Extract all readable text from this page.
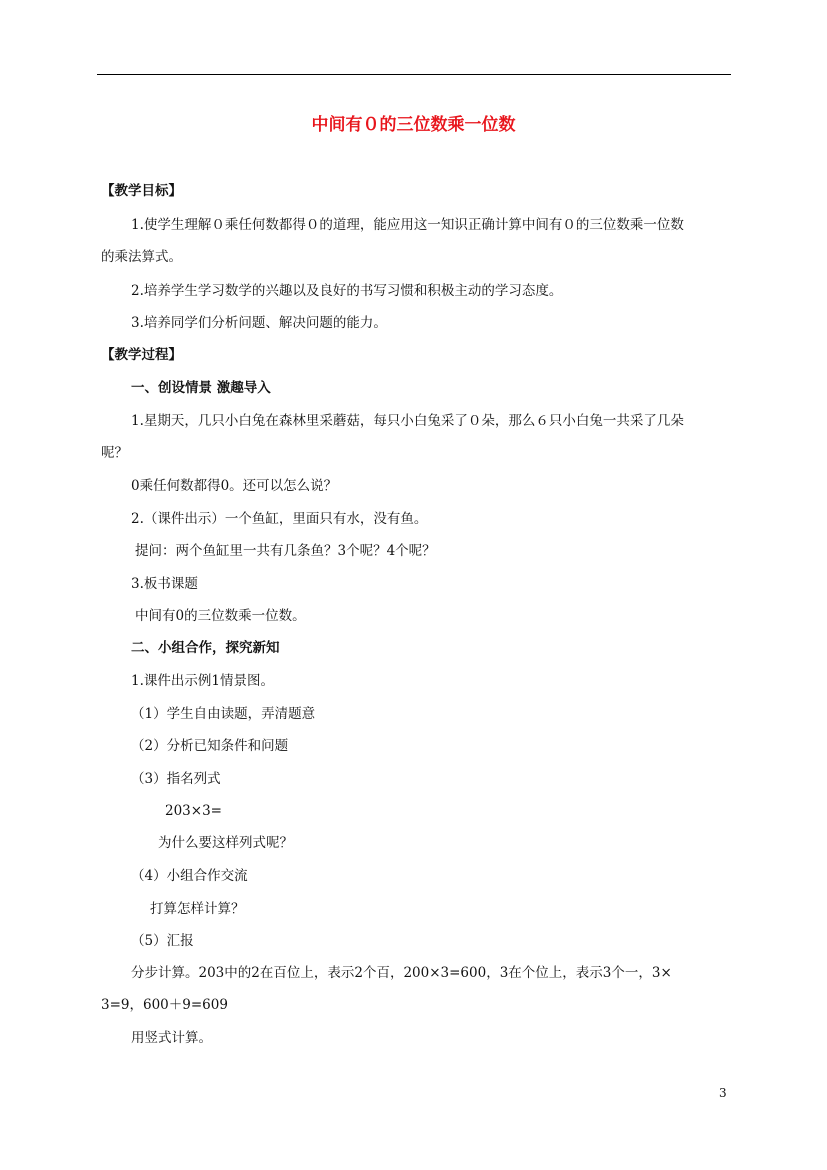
中间有０的三位数乘一位数
【教学目标】
1.使学生理解０乘任何数都得０的道理，能应用这一知识正确计算中间有０的三位数乘一位数
的乘法算式。
2.培养学生学习数学的兴趣以及良好的书写习惯和积极主动的学习态度。
3.培养同学们分析问题、解决问题的能力。
【教学过程】
一、创设情景 激趣导入
1.星期天，几只小白兔在森林里采蘑菇，每只小白兔采了０朵，那么６只小白兔一共采了几朵
呢？
0乘任何数都得0。还可以怎么说？
2.（课件出示）一个鱼缸，里面只有水，没有鱼。
提问：两个鱼缸里一共有几条鱼？3个呢？4个呢？
3.板书课题
中间有0的三位数乘一位数。
二、小组合作，探究新知
1.课件出示例1情景图。
（1）学生自由读题，弄清题意
（2）分析已知条件和问题
（3）指名列式
203×3=
为什么要这样列式呢？
（4）小组合作交流
打算怎样计算？
（5）汇报
分步计算。203中的2在百位上，表示2个百，200×3=600，3在个位上，表示3个一，3×
3=9，600＋9=609
用竖式计算。
3
